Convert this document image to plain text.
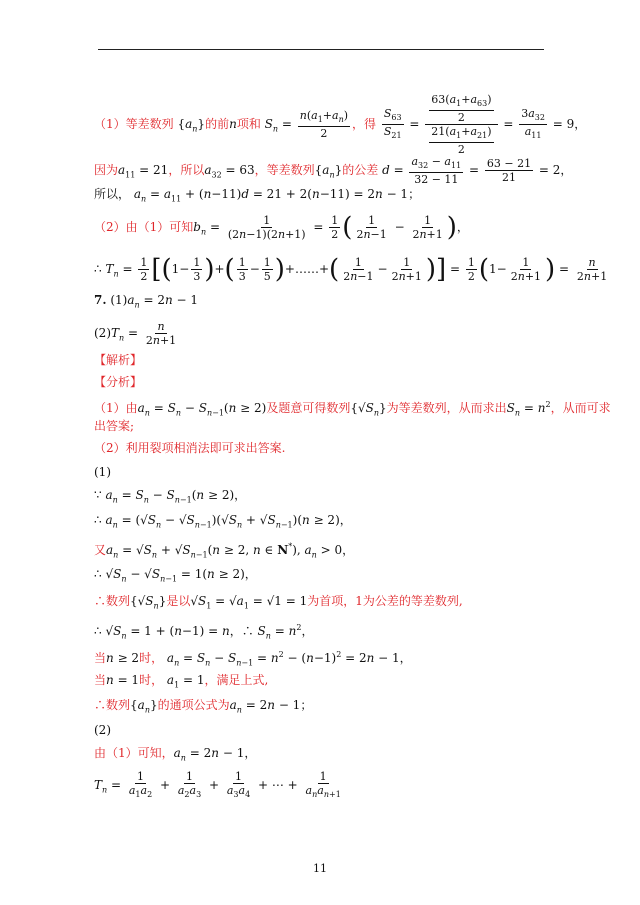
（1）等差数列 $\{a_n\}$的前n项和 $S_n = \frac{n(a_1+a_n)}{2}$ ，得 $\frac{S_{63}}{S_{21}} = \frac{\frac{63(a_1+a_{63})}{2}}{\frac{21(a_1+a_{21})}{2}} = \frac{3a_{32}}{a_{11}} = 9$，
因为$a_{11} = 21$，所以$a_{32} = 63$，等差数列$\{a_n\}$的公差 $d = \frac{a_{32} - a_{11}}{32 - 11} = \frac{63 - 21}{21} = 2$，
所以， $a_n = a_{11} + (n-11)d = 21 + 2(n-11) = 2n - 1$；
（2）由（1）可知$b_n = \frac{1}{(2n-1)(2n+1)} = \frac{1}{2}$ ( $\frac{1}{2n-1} - \frac{1}{2n+1}$ )，
∴ $T_n = \frac{1}{2} [(1- \frac{1}{3}$ )+( $\frac{1}{3} - \frac{1}{5}$ )+……+( $\frac{1}{2n-1} - \frac{1}{2n+1}$ )] = $\frac{1}{2} (1- \frac{1}{2n+1}$ ) = $\frac{n}{2n+1}$
7. $(1)a_n = 2n - 1$
$(2)T_n = \frac{n}{2n+1}$
【解析】
【分析】
（1）由$a_n = S_n - S_{n-1}(n \ge 2)$及题意可得数列$\{√S_n\}$为等差数列，从而求出$S_n = n^2$，从而可求
出答案;
（2）利用裂项相消法即可求出答案.
(1)
∵ $a_n = S_n - S_{n-1}(n \ge 2)$，
∴ $a_n = (√S_n - √S_{n-1})(√S_n + √S_{n-1})(n \ge 2)$，
又$a_n = √S_n + √S_{n-1}(n \ge 2$, n ∈ N*), $a_n > 0$，
∴ $√S_n - √S_{n-1} = 1(n \ge 2)$，
∴数列$\{√S_n\}$是以$√S_1 = √a_1 = √1 = 1$为首项，1为公差的等差数列,
∴ $√S_n = 1 + (n-1) = n$，∴ $S_n = n^2$，
当n ≥ 2时， $a_n = S_n - S_{n-1} = n^2 - (n-1)^2 = 2n - 1$，
当n = 1时， $a_1 = 1$，满足上式,
∴数列$\{a_n\}$的通项公式为$a_n = 2n - 1$；
(2)
由（1）可知，$a_n = 2n - 1$，
$T_n = \frac{1}{a_1a_2} + \frac{1}{a_2a_3} + \frac{1}{a_3a_4}$ + ⋯ + $\frac{1}{a_na_{n+1}}$
11
